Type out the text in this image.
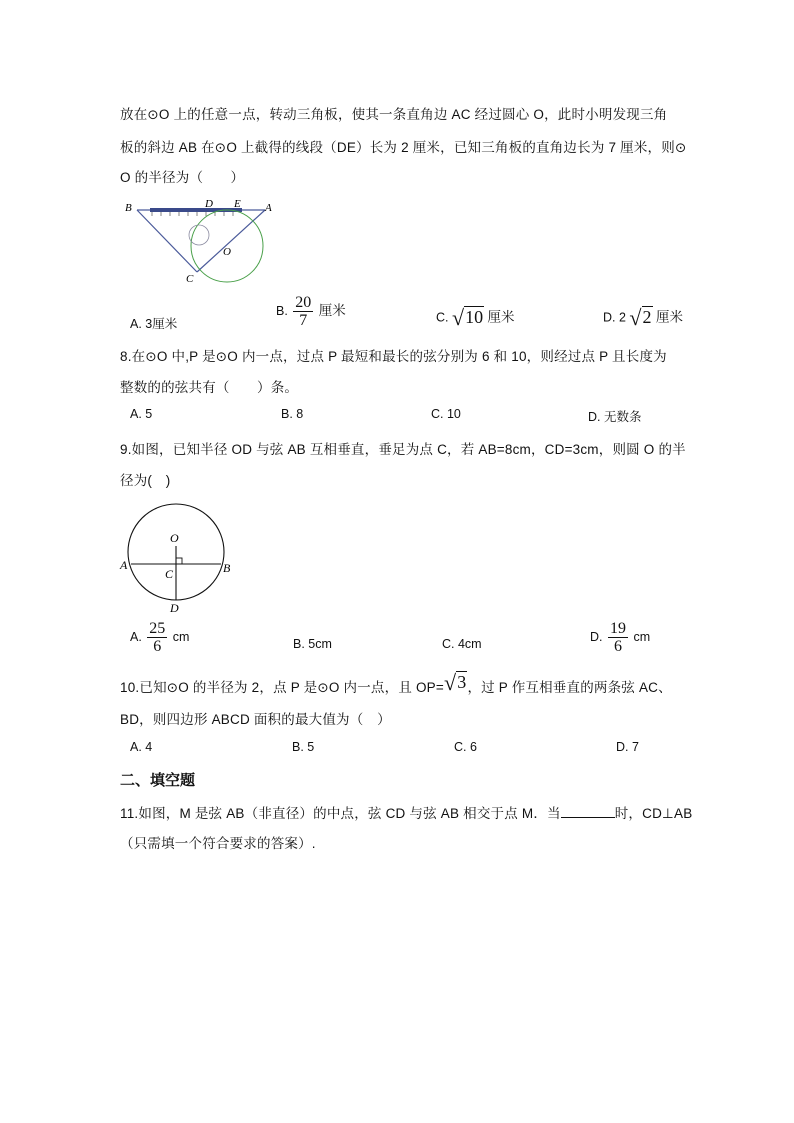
放在⊙O 上的任意一点，转动三角板，使其一条直角边 AC 经过圆心 O，此时小明发现三角
板的斜边 AB 在⊙O 上截得的线段（DE）长为 2 厘米，已知三角板的直角边长为 7 厘米，则⊙
O 的半径为（　　）
B	D E A
O
C
A. 3厘米
B. $\frac{20}{7}$ 厘米	C. √10 厘米	D. 2 √2 厘米
8.在⊙O 中,P 是⊙O 内一点，过点 P 最短和最长的弦分别为 6 和 10，则经过点 P 且长度为
整数的的弦共有（　　）条。
A. 5	B. 8	C. 10	D. 无数条
9.如图，已知半径 OD 与弦 AB 互相垂直，垂足为点 C，若 AB=8cm，CD=3cm，则圆 O 的半
径为(　)
O
A
C	B
D
A. $\frac{25}{6}$ cm
B. 5cm	C. 4cm
D. $\frac{19}{6}$ cm
10.已知⊙O 的半径为 2，点 P 是⊙O 内一点，且 OP=√3，过 P 作互相垂直的两条弦 AC、
BD，则四边形 ABCD 面积的最大值为（　）
A. 4	B. 5	C. 6	D. 7
二、填空题
11.如图，M 是弦 AB（非直径）的中点，弦 CD 与弦 AB 相交于点 M．当	时，CD⊥AB
（只需填一个符合要求的答案）.
